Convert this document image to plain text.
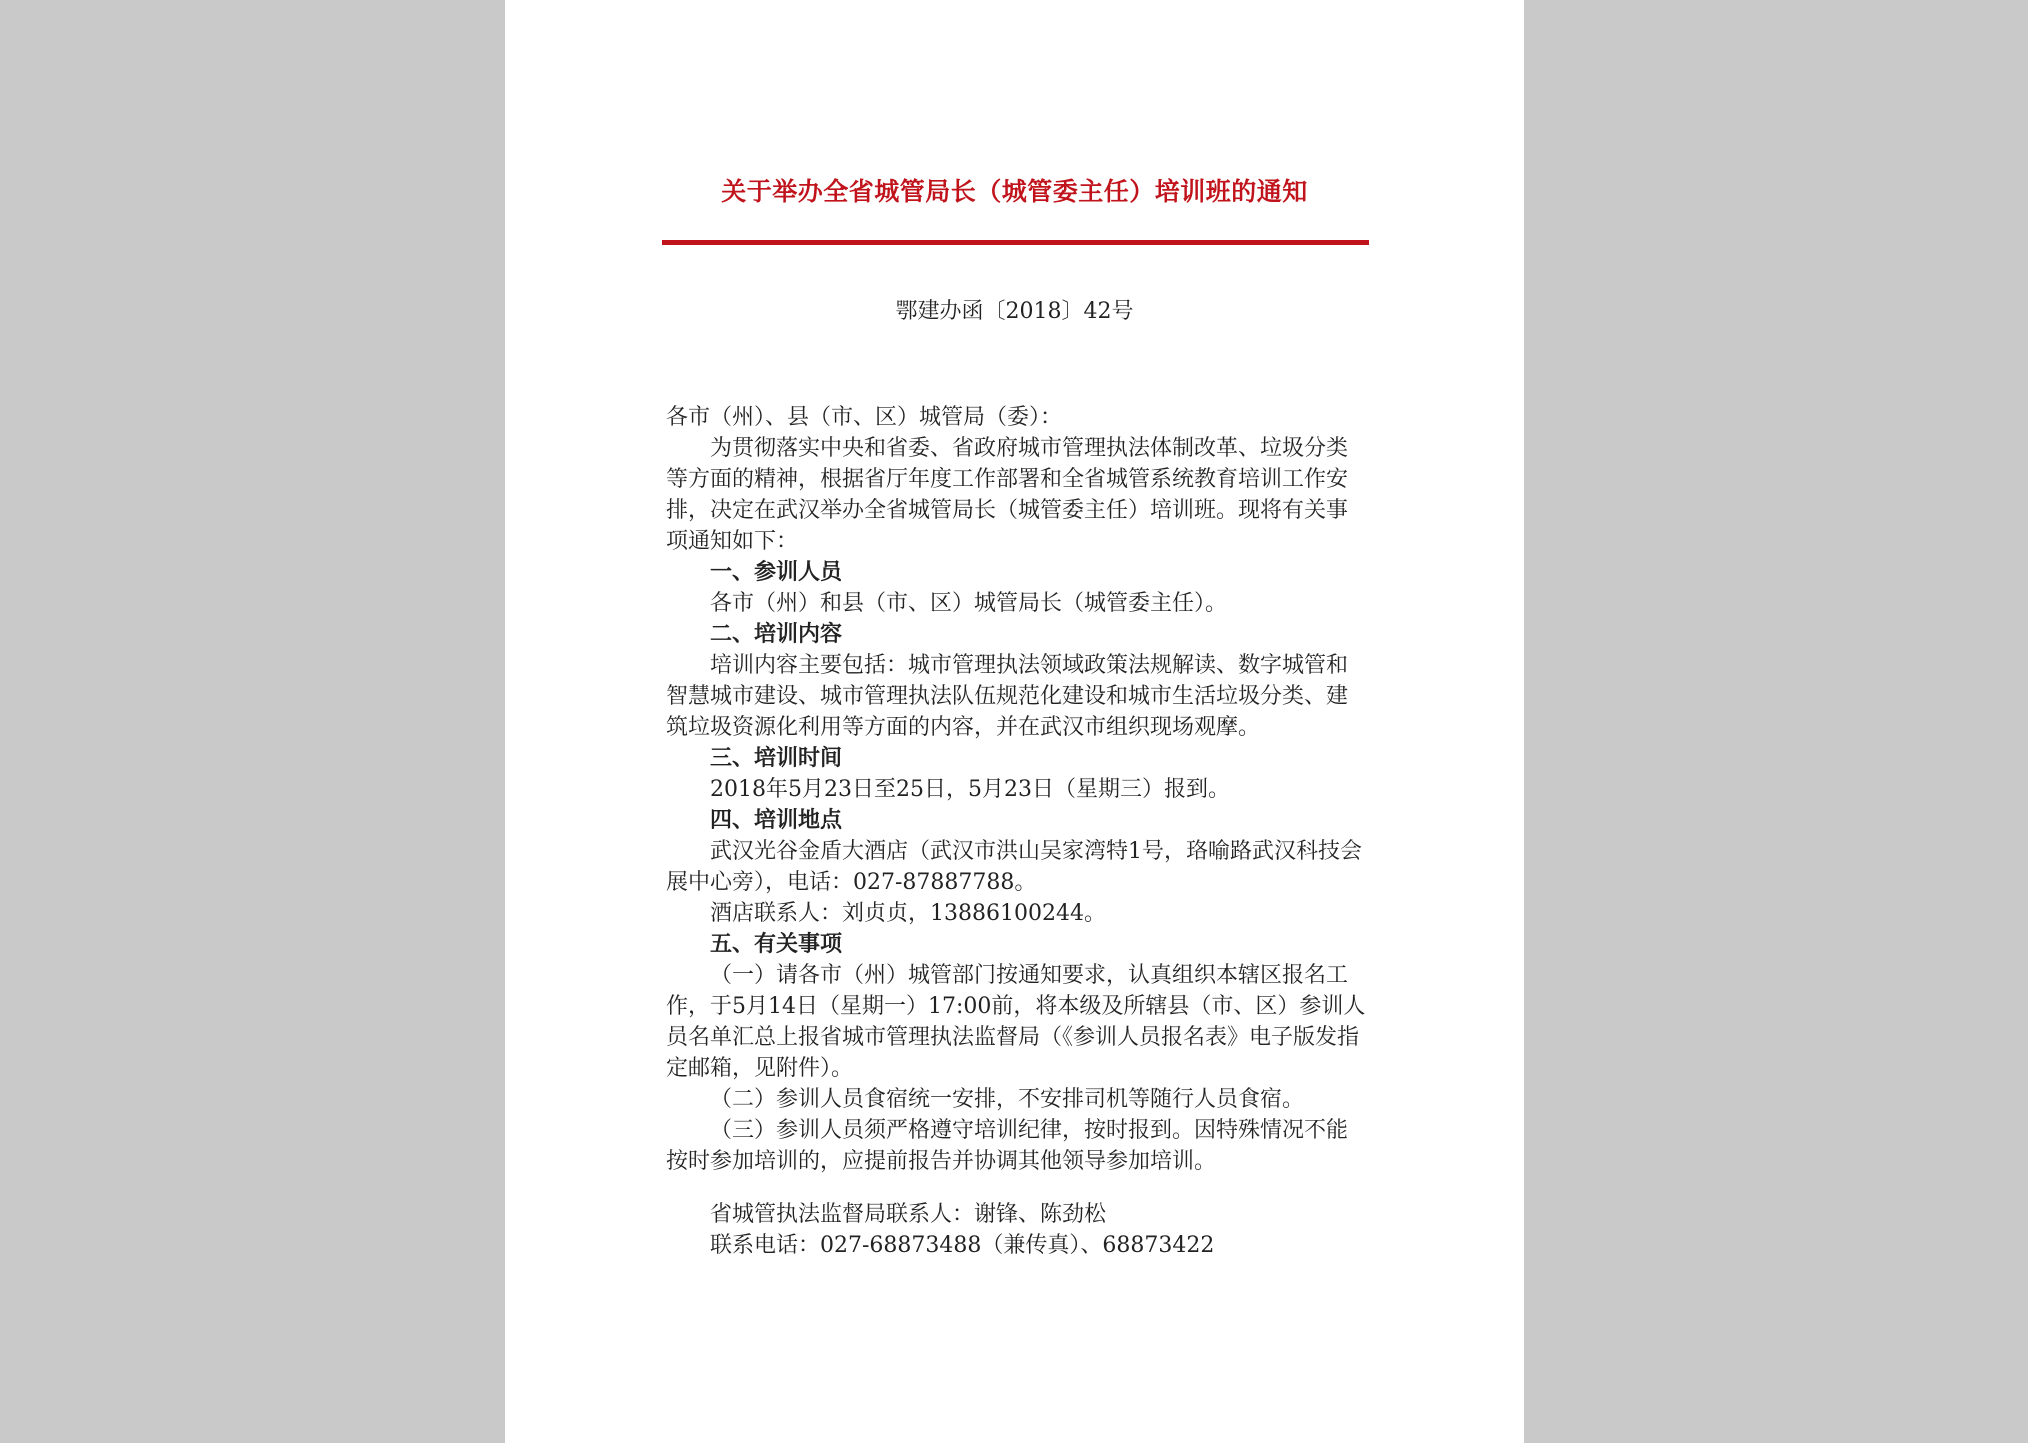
关于举办全省城管局长（城管委主任）培训班的通知
鄂建办函〔2018〕42号

各市（州）、县（市、区）城管局（委）：

为贯彻落实中央和省委、省政府城市管理执法体制改革、垃圾分类等方面的精神，根据省厅年度工作部署和全省城管系统教育培训工作安排，决定在武汉举办全省城管局长（城管委主任）培训班。现将有关事项通知如下：

一、参训人员

各市（州）和县（市、区）城管局长（城管委主任）。

二、培训内容

培训内容主要包括：城市管理执法领域政策法规解读、数字城管和智慧城市建设、城市管理执法队伍规范化建设和城市生活垃圾分类、建筑垃圾资源化利用等方面的内容，并在武汉市组织现场观摩。

三、培训时间

2018年5月23日至25日，5月23日（星期三）报到。

四、培训地点

武汉光谷金盾大酒店（武汉市洪山吴家湾特1号，珞喻路武汉科技会展中心旁），电话：027-87887788。

酒店联系人：刘贞贞，13886100244。

五、有关事项

（一）请各市（州）城管部门按通知要求，认真组织本辖区报名工作，于5月14日（星期一）17:00前，将本级及所辖县（市、区）参训人员名单汇总上报省城市管理执法监督局（《参训人员报名表》电子版发指定邮箱，见附件）。

（二）参训人员食宿统一安排，不安排司机等随行人员食宿。

（三）参训人员须严格遵守培训纪律，按时报到。因特殊情况不能按时参加培训的，应提前报告并协调其他领导参加培训。

省城管执法监督局联系人：谢锋、陈劲松

联系电话：027-68873488（兼传真）、68873422
